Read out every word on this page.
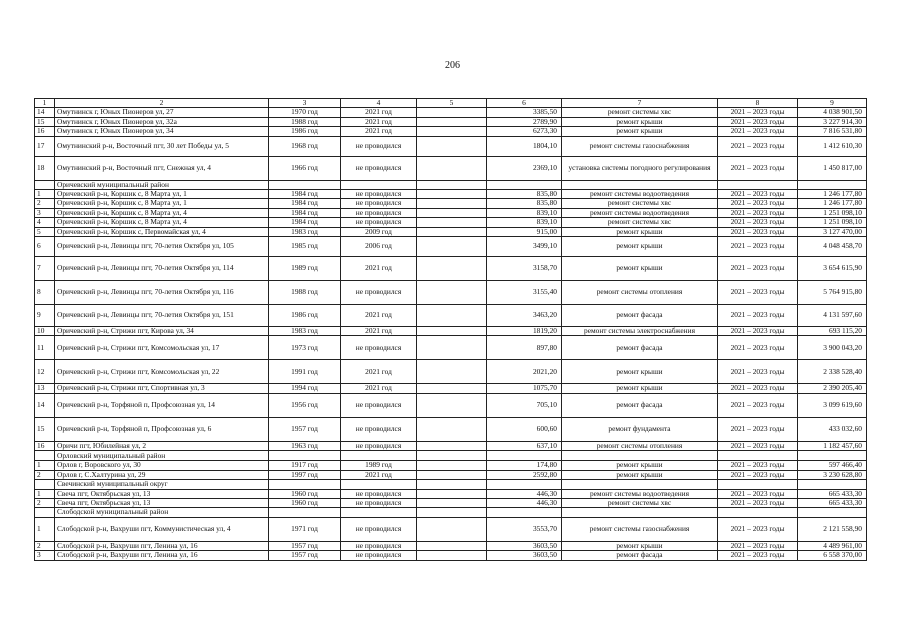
206
1	2	3	4	5	6	7	8	9
14	Омутнинск г, Юных Пионеров ул, 27	1970 год	2021 год		3385,50	ремонт системы хвс	2021 – 2023 годы	4 038 901,50
15	Омутнинск г, Юных Пионеров ул, 32а	1988 год	2021 год		2789,90	ремонт крыши	2021 – 2023 годы	3 227 914,30
16	Омутнинск г, Юных Пионеров ул, 34	1986 год	2021 год		6273,30	ремонт крыши	2021 – 2023 годы	7 816 531,80
17	Омутнинский р-н, Восточный пгт, 30 лет Победы ул, 5	1968 год	не проводился		1804,10	ремонт системы газоснабжения	2021 – 2023 годы	1 412 610,30
18	Омутнинский р-н, Восточный пгт, Снежная ул, 4	1966 год	не проводился		2369,10	установка системы погодного регулирования	2021 – 2023 годы	1 450 817,00
	Оричевский муниципальный район							
1	Оричевский р-н, Коршик с, 8 Марта ул, 1	1984 год	не проводился		835,80	ремонт системы водоотведения	2021 – 2023 годы	1 246 177,80
2	Оричевский р-н, Коршик с, 8 Марта ул, 1	1984 год	не проводился		835,80	ремонт системы хвс	2021 – 2023 годы	1 246 177,80
3	Оричевский р-н, Коршик с, 8 Марта ул, 4	1984 год	не проводился		839,10	ремонт системы водоотведения	2021 – 2023 годы	1 251 098,10
4	Оричевский р-н, Коршик с, 8 Марта ул, 4	1984 год	не проводился		839,10	ремонт системы хвс	2021 – 2023 годы	1 251 098,10
5	Оричевский р-н, Коршик с, Первомайская ул, 4	1983 год	2009 год		915,00	ремонт крыши	2021 – 2023 годы	3 127 470,00
6	Оричевский р-н, Левинцы пгт, 70-летия Октября ул, 105	1985 год	2006 год		3499,10	ремонт крыши	2021 – 2023 годы	4 048 458,70
7	Оричевский р-н, Левинцы пгт, 70-летия Октября ул, 114	1989 год	2021 год		3158,70	ремонт крыши	2021 – 2023 годы	3 654 615,90
8	Оричевский р-н, Левинцы пгт, 70-летия Октября ул, 116	1988 год	не проводился		3155,40	ремонт системы отопления	2021 – 2023 годы	5 764 915,80
9	Оричевский р-н, Левинцы пгт, 70-летия Октября ул, 151	1986 год	2021 год		3463,20	ремонт фасада	2021 – 2023 годы	4 131 597,60
10	Оричевский р-н, Стрижи пгт, Кирова ул, 34	1983 год	2021 год		1819,20	ремонт системы электроснабжения	2021 – 2023 годы	693 115,20
11	Оричевский р-н, Стрижи пгт, Комсомольская ул, 17	1973 год	не проводился		897,80	ремонт фасада	2021 – 2023 годы	3 900 043,20
12	Оричевский р-н, Стрижи пгт, Комсомольская ул, 22	1991 год	2021 год		2021,20	ремонт крыши	2021 – 2023 годы	2 338 528,40
13	Оричевский р-н, Стрижи пгт, Спортивная ул, 3	1994 год	2021 год		1075,70	ремонт крыши	2021 – 2023 годы	2 390 205,40
14	Оричевский р-н, Торфяной п, Профсоюзная ул, 14	1956 год	не проводился		705,10	ремонт фасада	2021 – 2023 годы	3 099 619,60
15	Оричевский р-н, Торфяной п, Профсоюзная ул, 6	1957 год	не проводился		600,60	ремонт фундамента	2021 – 2023 годы	433 032,60
16	Оричи пгт, Юбилейная ул, 2	1963 год	не проводился		637,10	ремонт системы отопления	2021 – 2023 годы	1 182 457,60
	Орловский муниципальный район							
1	Орлов г, Воровского ул, 30	1917 год	1989 год		174,80	ремонт крыши	2021 – 2023 годы	597 466,40
2	Орлов г, С.Халтурина ул, 29	1997 год	2021 год		2592,80	ремонт крыши	2021 – 2023 годы	3 230 628,80
	Свечинский муниципальный округ							
1	Свеча пгт, Октябрьская ул, 13	1960 год	не проводился		446,30	ремонт системы водоотведения	2021 – 2023 годы	665 433,30
2	Свеча пгт, Октябрьская ул, 13	1960 год	не проводился		446,30	ремонт системы хвс	2021 – 2023 годы	665 433,30
	Слободской муниципальный район							
1	Слободской р-н, Вахруши пгт, Коммунистическая ул, 4	1971 год	не проводился		3553,70	ремонт системы газоснабжения	2021 – 2023 годы	2 121 558,90
2	Слободской р-н, Вахруши пгт, Ленина ул, 16	1957 год	не проводился		3603,50	ремонт крыши	2021 – 2023 годы	4 489 961,00
3	Слободской р-н, Вахруши пгт, Ленина ул, 16	1957 год	не проводился		3603,50	ремонт фасада	2021 – 2023 годы	6 558 370,00
